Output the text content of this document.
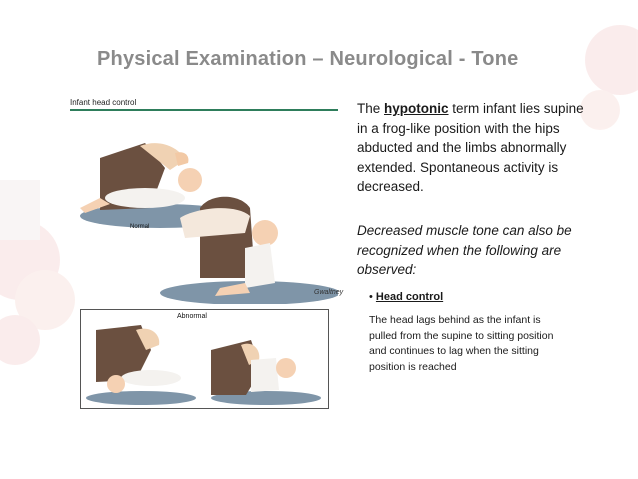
Physical Examination – Neurological - Tone
Infant head control
Normal
Gwaltney
Abnormal
The hypotonic term infant lies supine in a frog-like position with the hips abducted and the limbs abnormally extended. Spontaneous activity is decreased.
Decreased muscle tone can also be recognized when the following are observed:
• Head control
The head lags behind as the infant is pulled from the supine to sitting position and continues to lag when the sitting position is reached
